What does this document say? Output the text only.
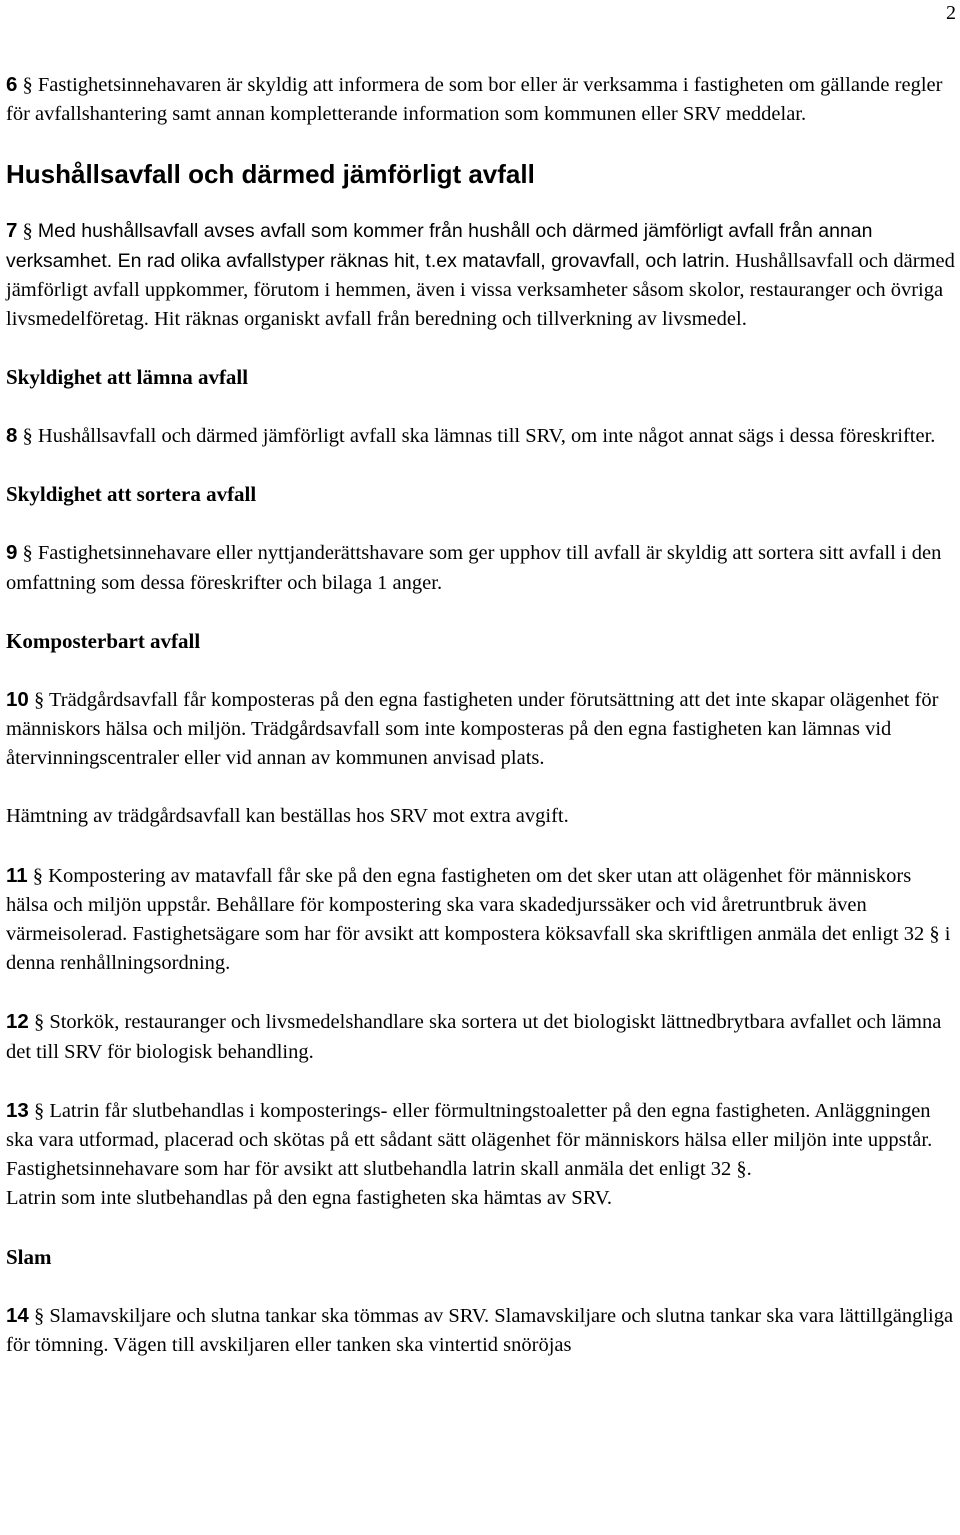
2

6 § Fastighetsinnehavaren är skyldig att informera de som bor eller är verksamma i fastigheten om gällande regler för avfallshantering samt annan kompletterande information som kommunen eller SRV meddelar.

Hushållsavfall och därmed jämförligt avfall

7 § Med hushållsavfall avses avfall som kommer från hushåll och därmed jämförligt avfall från annan verksamhet. En rad olika avfallstyper räknas hit, t.ex matavfall, grovavfall, och latrin. Hushållsavfall och därmed jämförligt avfall uppkommer, förutom i hemmen, även i vissa verksamheter såsom skolor, restauranger och övriga livsmedelföretag. Hit räknas organiskt avfall från beredning och tillverkning av livsmedel.

Skyldighet att lämna avfall

8 § Hushållsavfall och därmed jämförligt avfall ska lämnas till SRV, om inte något annat sägs i dessa föreskrifter.

Skyldighet att sortera avfall

9 § Fastighetsinnehavare eller nyttjanderättshavare som ger upphov till avfall är skyldig att sortera sitt avfall i den omfattning som dessa föreskrifter och bilaga 1 anger.

Komposterbart avfall

10 § Trädgårdsavfall får komposteras på den egna fastigheten under förutsättning att det inte skapar olägenhet för människors hälsa och miljön. Trädgårdsavfall som inte komposteras på den egna fastigheten kan lämnas vid återvinningscentraler eller vid annan av kommunen anvisad plats.

Hämtning av trädgårdsavfall kan beställas hos SRV mot extra avgift.

11 § Kompostering av matavfall får ske på den egna fastigheten om det sker utan att olägenhet för människors hälsa och miljön uppstår. Behållare för kompostering ska vara skadedjurssäker och vid åretruntbruk även värmeisolerad. Fastighetsägare som har för avsikt att kompostera köksavfall ska skriftligen anmäla det enligt 32 § i denna renhållningsordning.

12 § Storkök, restauranger och livsmedelshandlare ska sortera ut det biologiskt lättnedbrytbara avfallet och lämna det till SRV för biologisk behandling.

13 § Latrin får slutbehandlas i komposterings- eller förmultningstoaletter på den egna fastigheten. Anläggningen ska vara utformad, placerad och skötas på ett sådant sätt olägenhet för människors hälsa eller miljön inte uppstår.

Fastighetsinnehavare som har för avsikt att slutbehandla latrin skall anmäla det enligt 32 §.

Latrin som inte slutbehandlas på den egna fastigheten ska hämtas av SRV.

Slam

14 § Slamavskiljare och slutna tankar ska tömmas av SRV. Slamavskiljare och slutna tankar ska vara lättillgängliga för tömning. Vägen till avskiljaren eller tanken ska vintertid snöröjas
